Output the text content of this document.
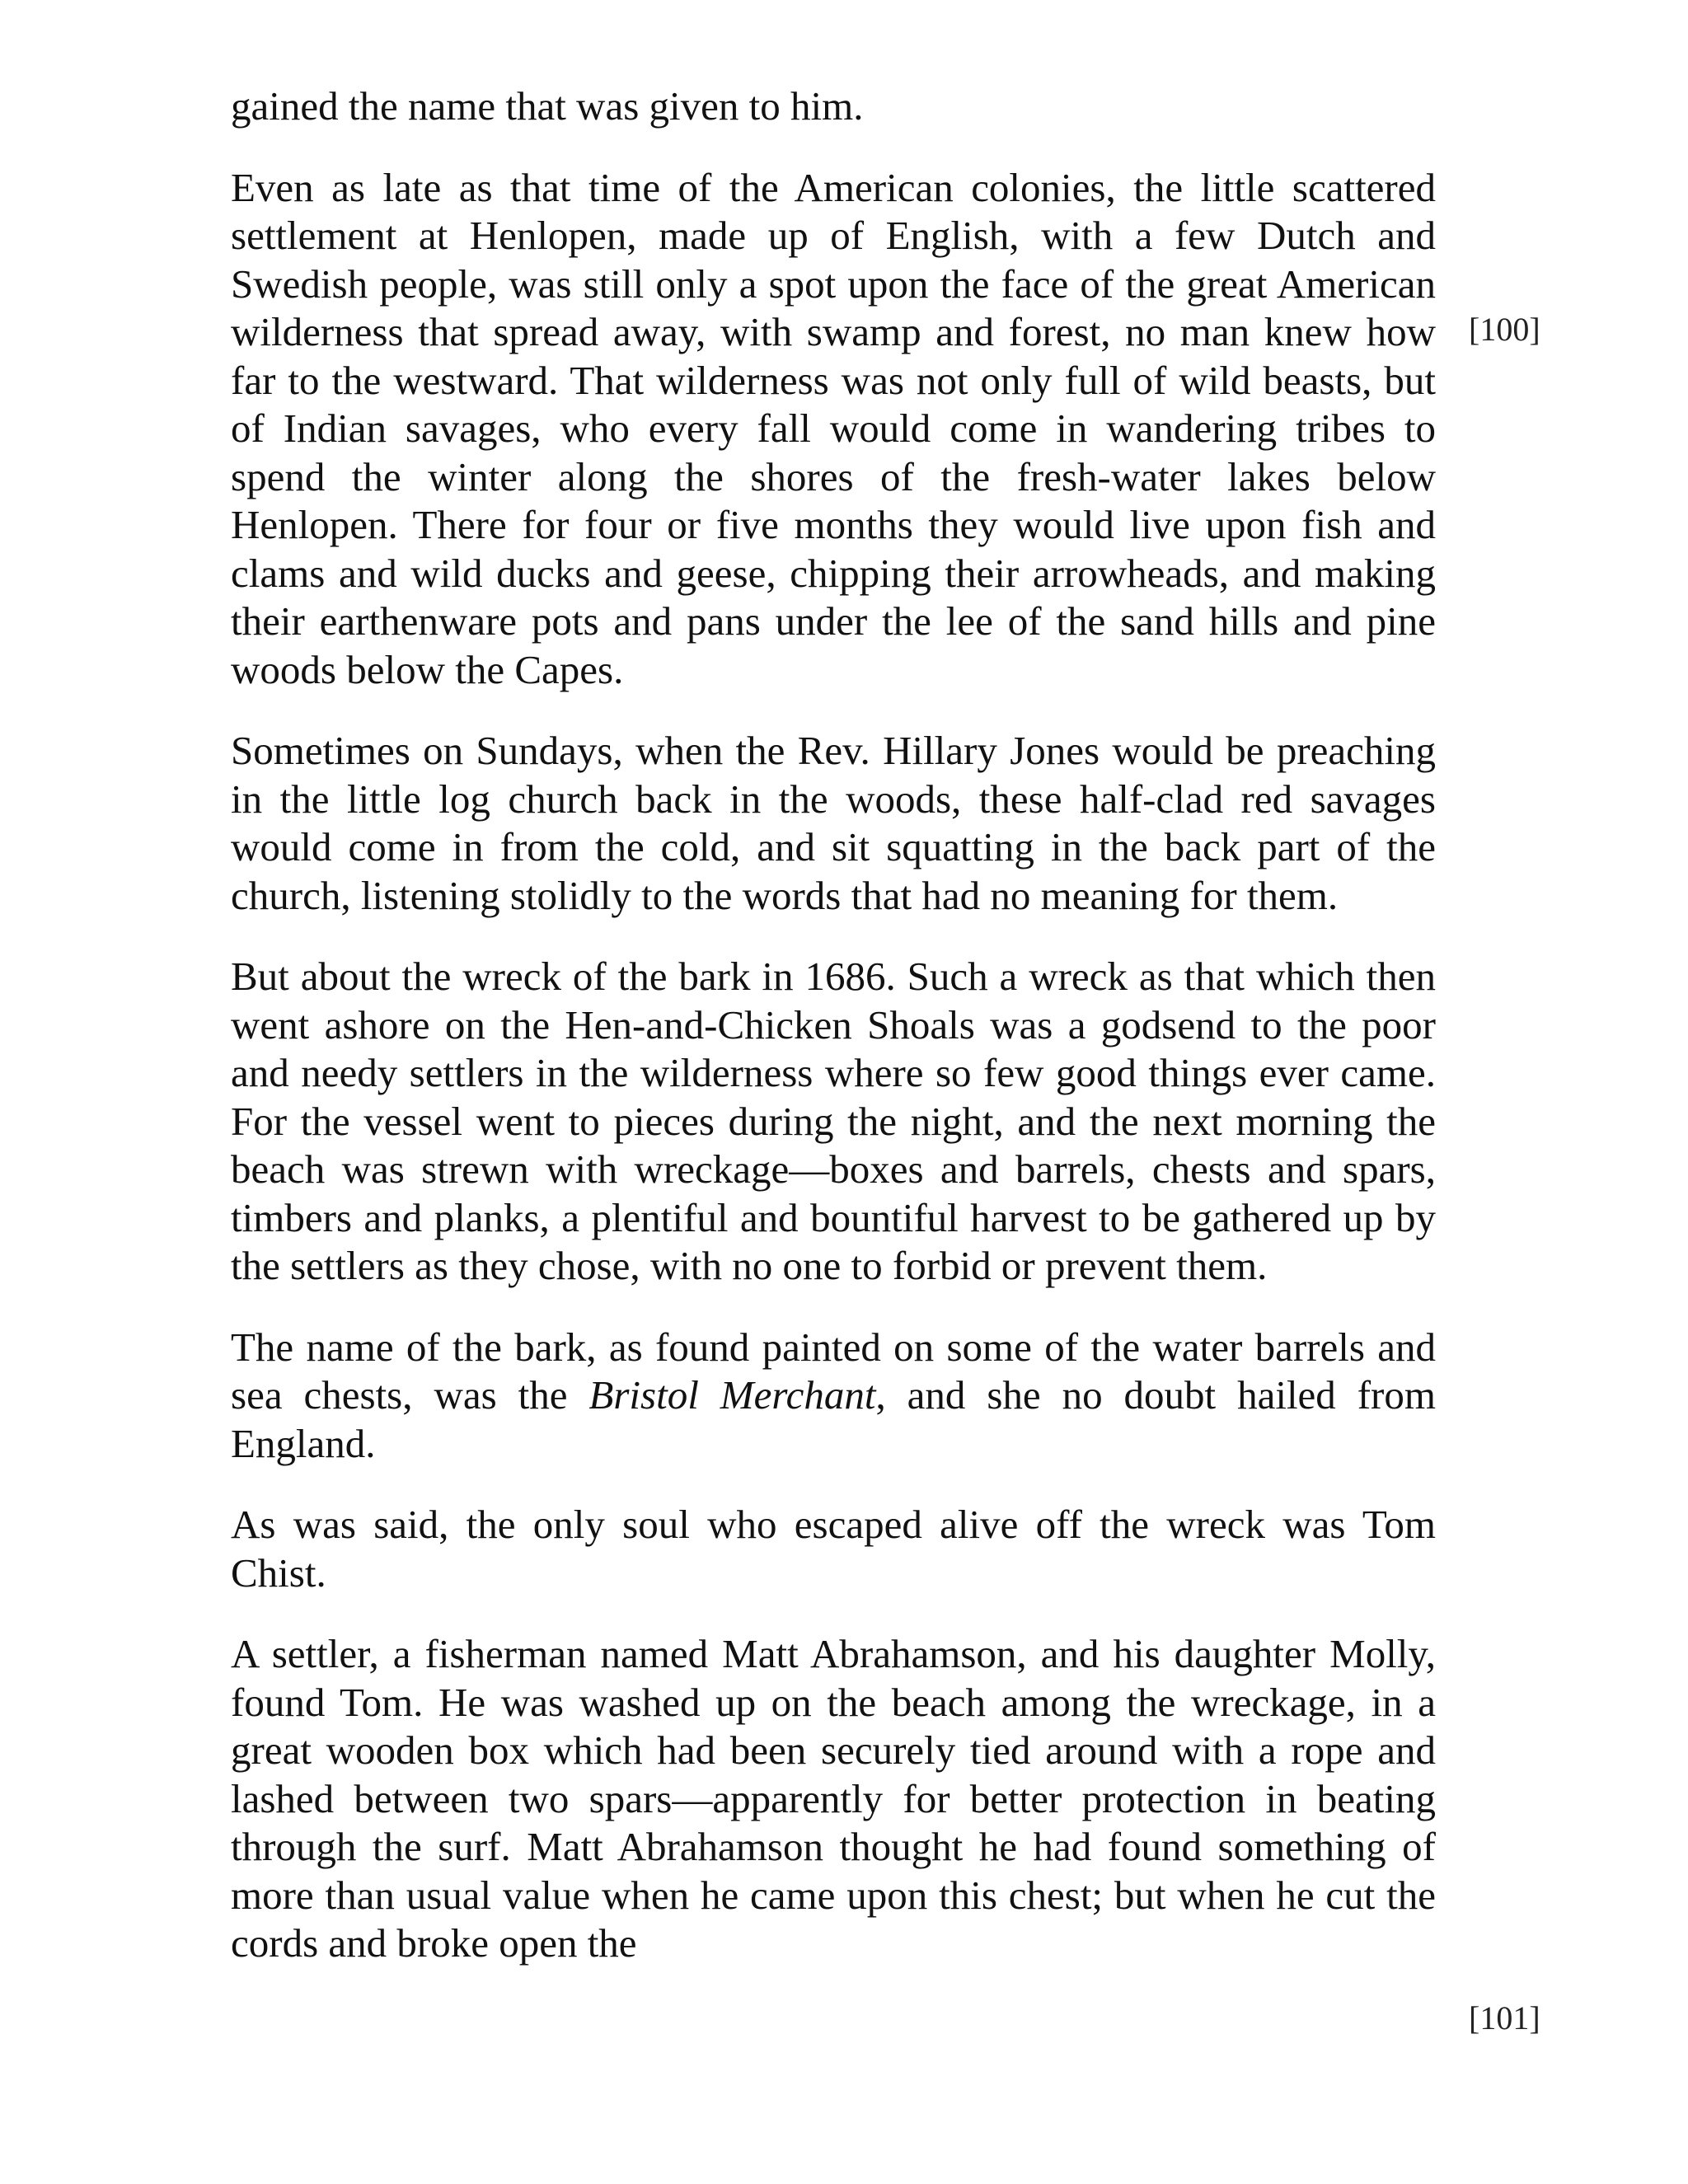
gained the name that was given to him.

Even as late as that time of the American colonies, the little scattered settlement at Henlopen, made up of English, with a few Dutch and Swedish people, was still only a spot upon the face of the great American wilderness that spread away, with swamp and forest, no man knew how far to the westward. That wilderness was not only full of wild beasts, but of Indian savages, who every fall would come in wandering tribes to spend the winter along the shores of the fresh-water lakes below Henlopen. There for four or five months they would live upon fish and clams and wild ducks and geese, chipping their arrowheads, and making their earthenware pots and pans under the lee of the sand hills and pine woods below the Capes.

Sometimes on Sundays, when the Rev. Hillary Jones would be preaching in the little log church back in the woods, these half-clad red savages would come in from the cold, and sit squatting in the back part of the church, listening stolidly to the words that had no meaning for them.

But about the wreck of the bark in 1686. Such a wreck as that which then went ashore on the Hen-and-Chicken Shoals was a godsend to the poor and needy settlers in the wilderness where so few good things ever came. For the vessel went to pieces during the night, and the next morning the beach was strewn with wreckage—boxes and barrels, chests and spars, timbers and planks, a plentiful and bountiful harvest to be gathered up by the settlers as they chose, with no one to forbid or prevent them.

The name of the bark, as found painted on some of the water barrels and sea chests, was the Bristol Merchant, and she no doubt hailed from England.

As was said, the only soul who escaped alive off the wreck was Tom Chist.

A settler, a fisherman named Matt Abrahamson, and his daughter Molly, found Tom. He was washed up on the beach among the wreckage, in a great wooden box which had been securely tied around with a rope and lashed between two spars—apparently for better protection in beating through the surf. Matt Abrahamson thought he had found something of more than usual value when he came upon this chest; but when he cut the cords and broke open the

[100]
[101]
